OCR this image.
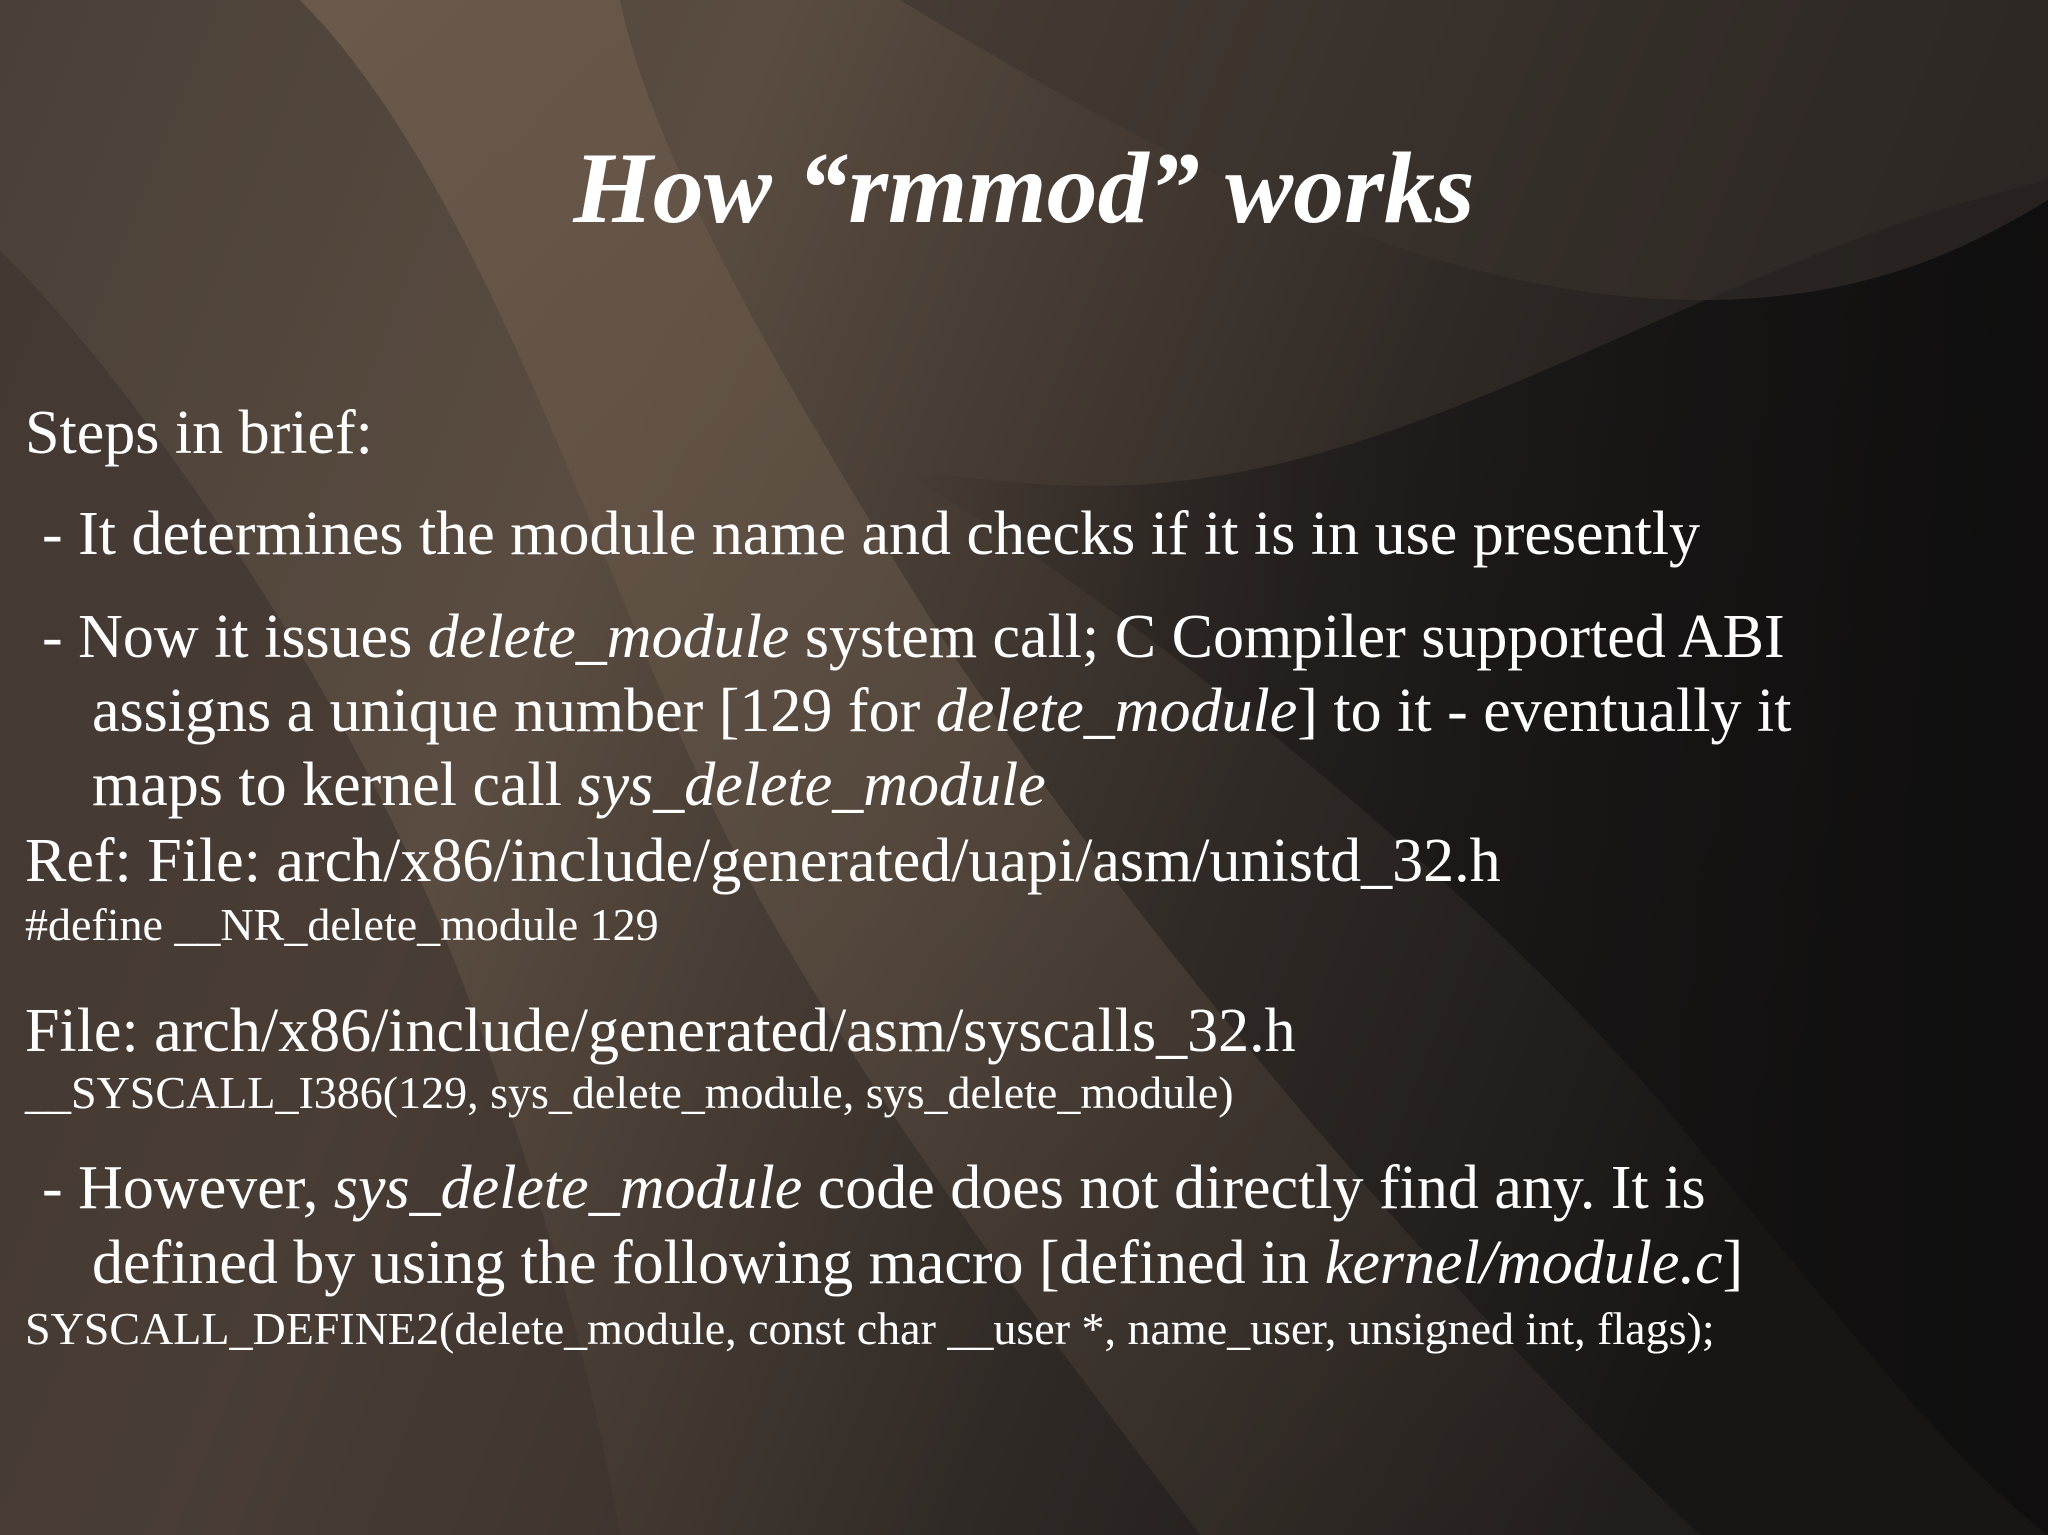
How “rmmod” works
Steps in brief:
- It determines the module name and checks if it is in use presently
- Now it issues delete_module system call; C Compiler supported ABI
assigns a unique number [129 for delete_module] to it - eventually it
maps to kernel call sys_delete_module
Ref: File: arch/x86/include/generated/uapi/asm/unistd_32.h
#define __NR_delete_module 129
File: arch/x86/include/generated/asm/syscalls_32.h
__SYSCALL_I386(129, sys_delete_module, sys_delete_module)
- However, sys_delete_module code does not directly find any. It is
defined by using the following macro [defined in kernel/module.c]
SYSCALL_DEFINE2(delete_module, const char __user *, name_user, unsigned int, flags);
